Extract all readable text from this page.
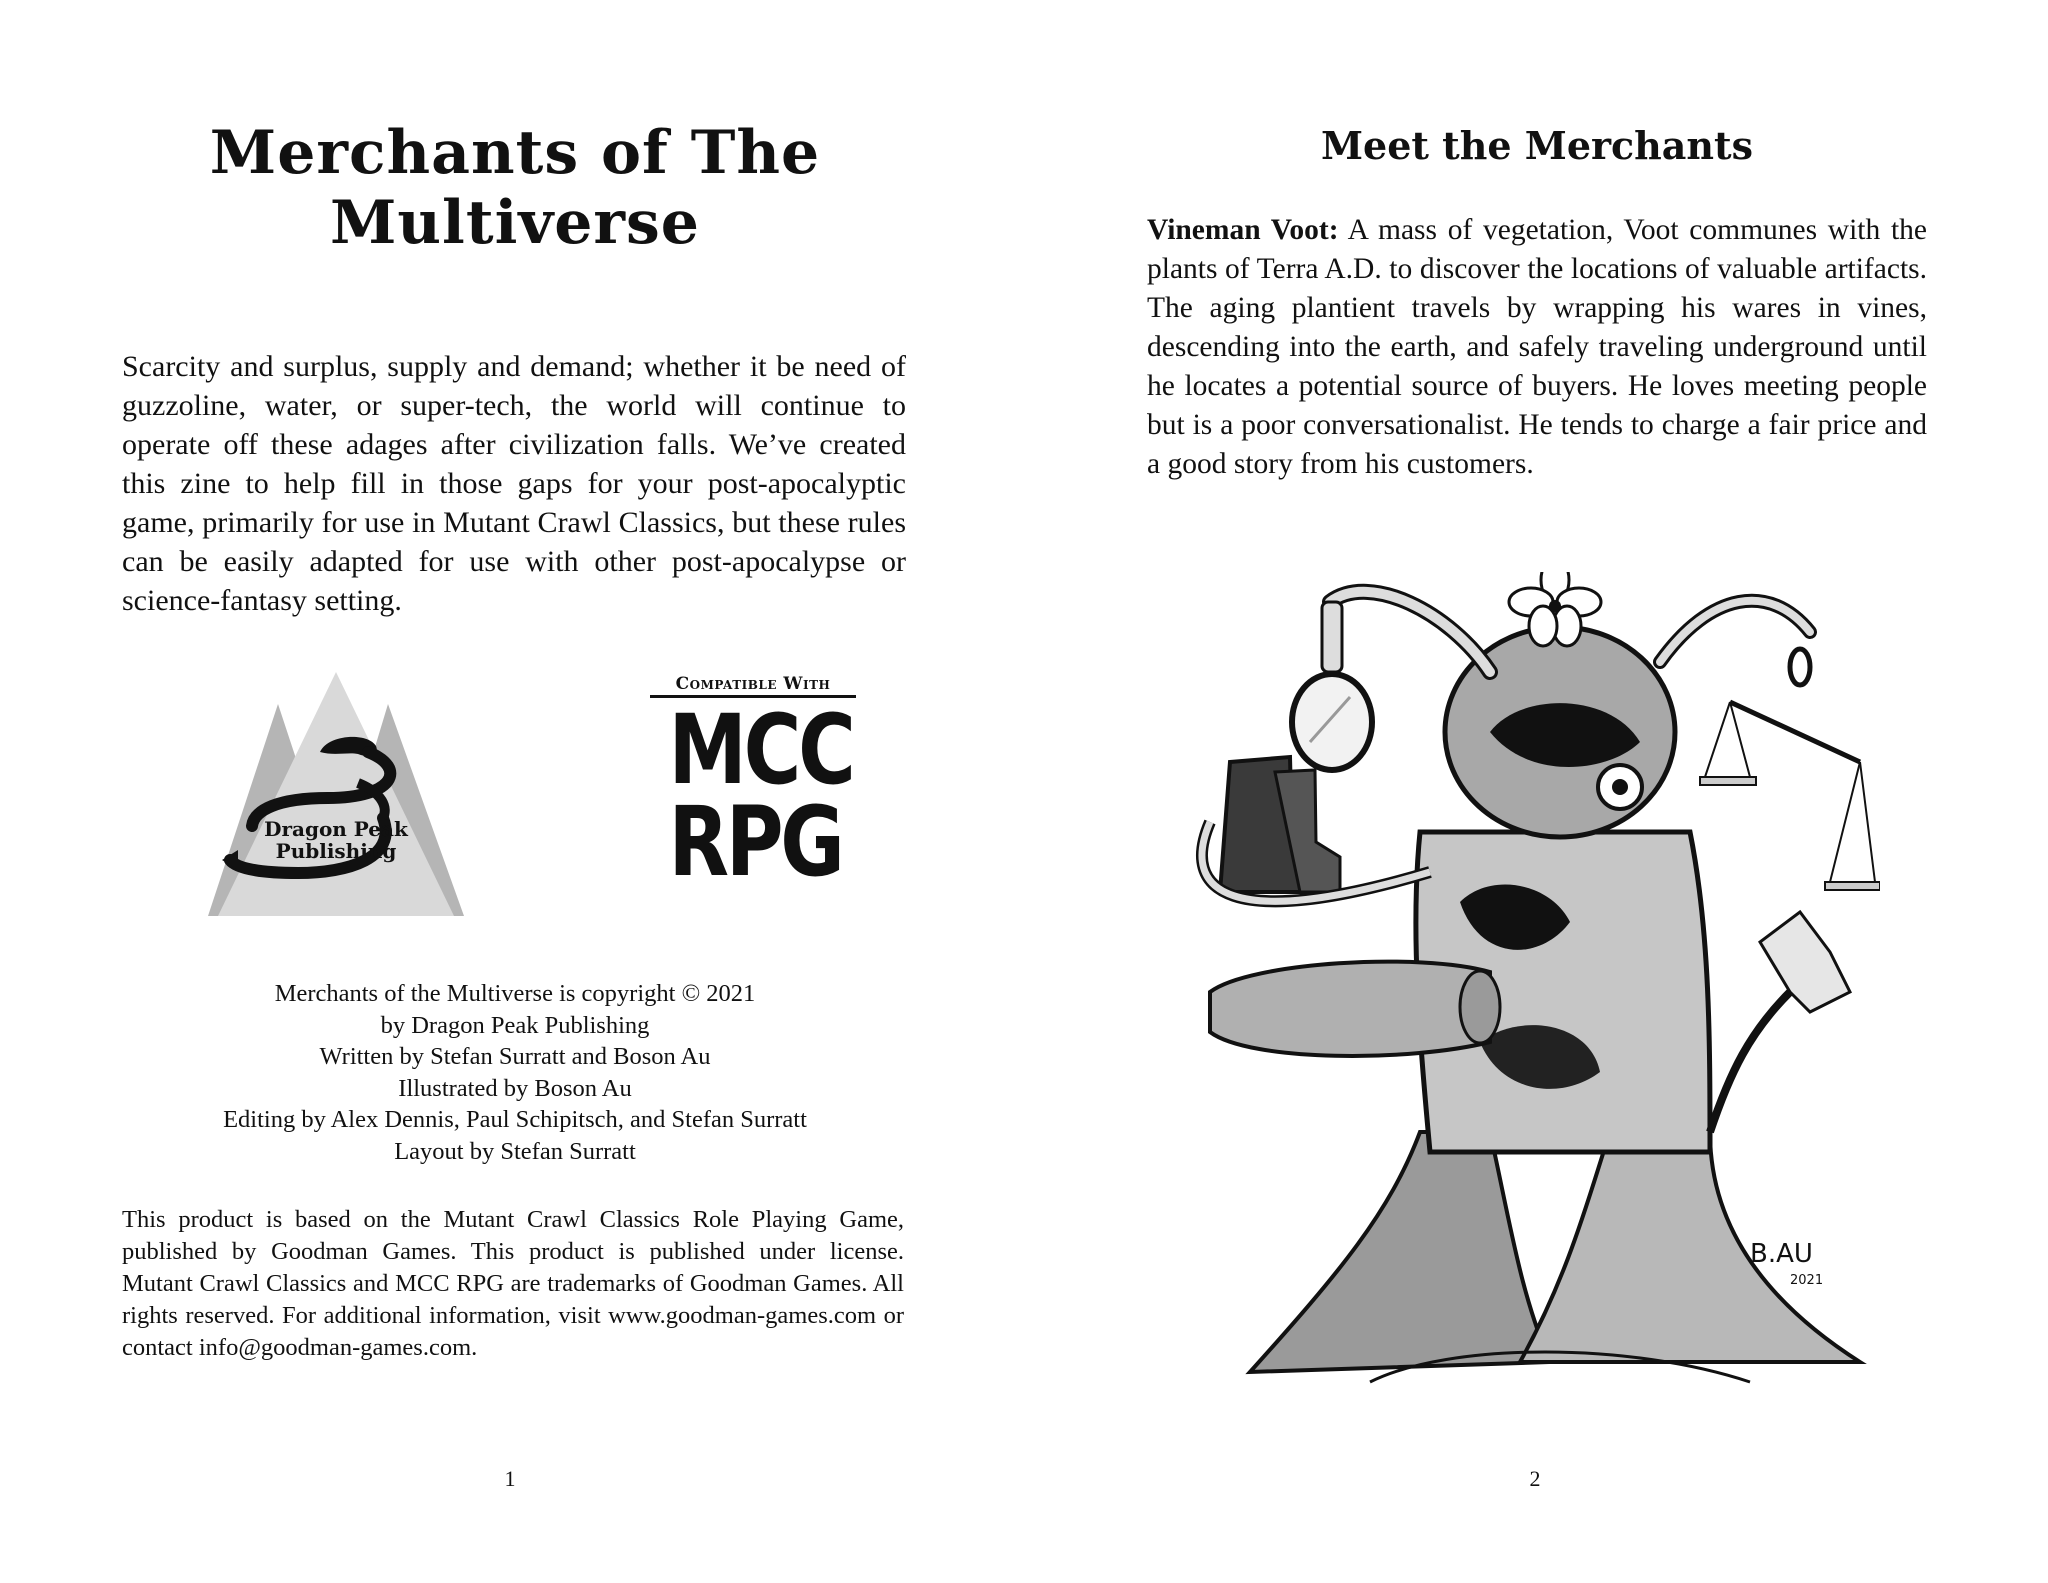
Merchants of The Multiverse

Scarcity and surplus, supply and demand; whether it be need of guzzoline, water, or super-tech, the world will continue to operate off these adages after civilization falls. We’ve created this zine to help fill in those gaps for your post-apocalyptic game, primarily for use in Mutant Crawl Classics, but these rules can be easily adapted for use with other post-apocalypse or science-fantasy setting.

Dragon Peak
Publishing
Compatible With
MCC
RPG
Merchants of the Multiverse is copyright © 2021
by Dragon Peak Publishing
Written by Stefan Surratt and Boson Au
Illustrated by Boson Au
Editing by Alex Dennis, Paul Schipitsch, and Stefan Surratt
Layout by Stefan Surratt

This product is based on the Mutant Crawl Classics Role Playing Game, published by Goodman Games. This product is published under license. Mutant Crawl Classics and MCC RPG are trademarks of Goodman Games. All rights reserved. For additional information, visit www.goodman-games.com or contact info@goodman-games.com.

1
Meet the Merchants

Vineman Voot: A mass of vegetation, Voot communes with the plants of Terra A.D. to discover the locations of valuable artifacts. The aging plantient travels by wrapping his wares in vines, descending into the earth, and safely traveling underground until he locates a potential source of buyers. He loves meeting people but is a poor conversationalist. He tends to charge a fair price and a good story from his customers.

B.AU
2021
2
